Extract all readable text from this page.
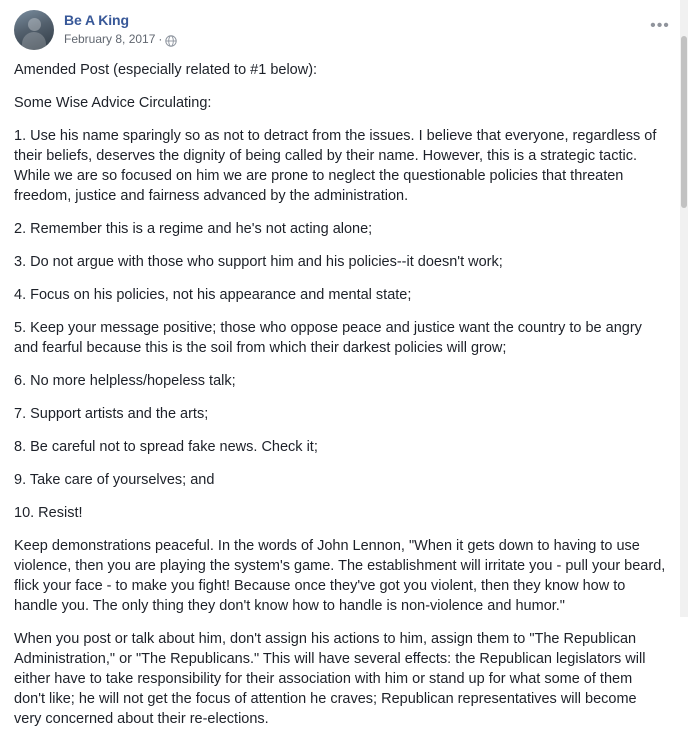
Be A King
February 8, 2017 ·
•••

Amended Post (especially related to #1 below):

Some Wise Advice Circulating:

1. Use his name sparingly so as not to detract from the issues. I believe that everyone, regardless of their beliefs, deserves the dignity of being called by their name. However, this is a strategic tactic. While we are so focused on him we are prone to neglect the questionable policies that threaten freedom, justice and fairness advanced by the administration.

2. Remember this is a regime and he's not acting alone;

3. Do not argue with those who support him and his policies--it doesn't work;

4. Focus on his policies, not his appearance and mental state;

5. Keep your message positive; those who oppose peace and justice want the country to be angry and fearful because this is the soil from which their darkest policies will grow;

6. No more helpless/hopeless talk;

7. Support artists and the arts;

8. Be careful not to spread fake news. Check it;

9. Take care of yourselves; and

10. Resist!

Keep demonstrations peaceful. In the words of John Lennon, "When it gets down to having to use violence, then you are playing the system's game. The establishment will irritate you - pull your beard, flick your face - to make you fight! Because once they've got you violent, then they know how to handle you. The only thing they don't know how to handle is non-violence and humor."

When you post or talk about him, don't assign his actions to him, assign them to "The Republican Administration," or "The Republicans." This will have several effects: the Republican legislators will either have to take responsibility for their association with him or stand up for what some of them don't like; he will not get the focus of attention he craves; Republican representatives will become very concerned about their re-elections.
